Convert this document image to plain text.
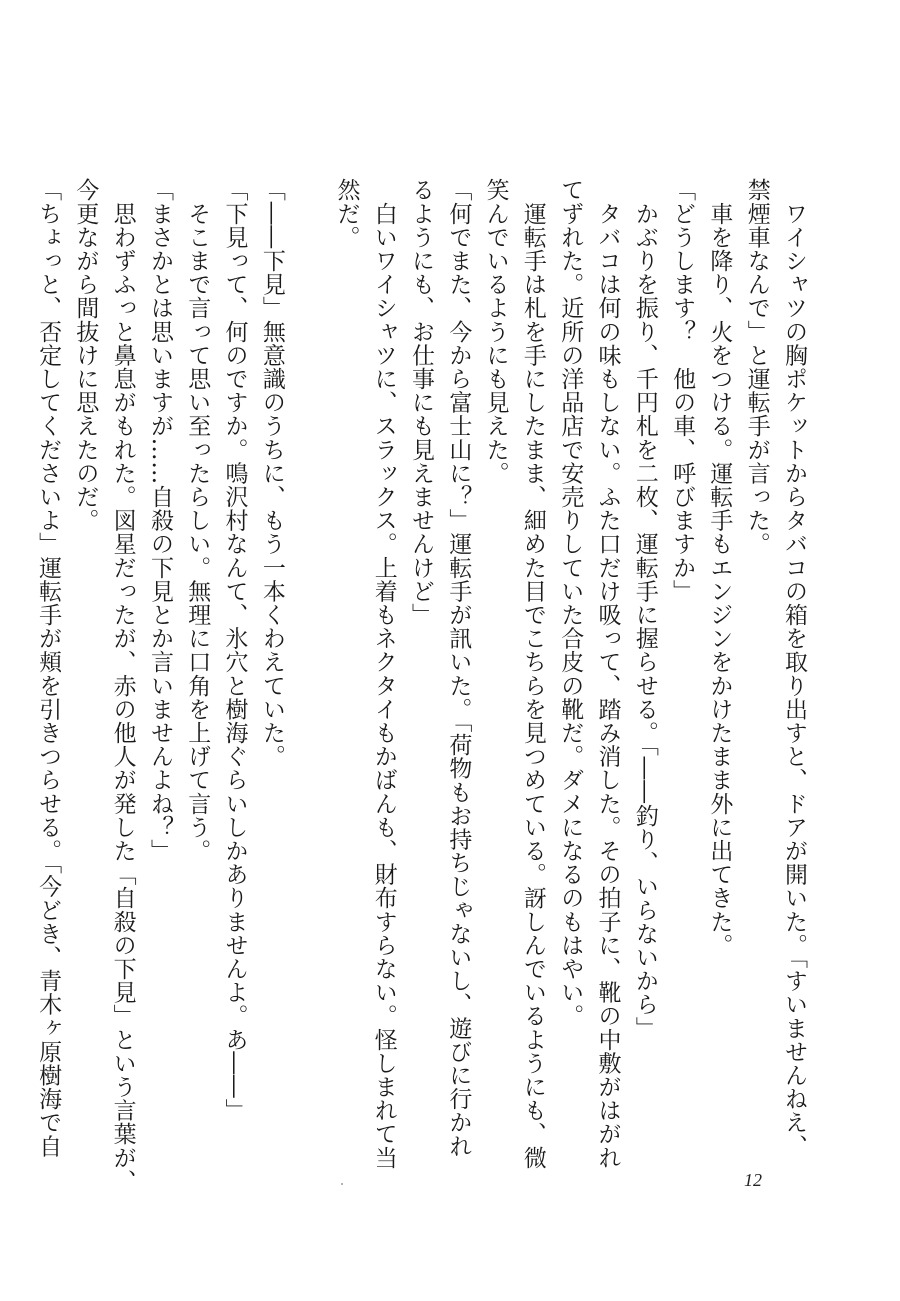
　ワイシャツの胸ポケットからタバコの箱を取り出すと、ドアが開いた。「すいませんねえ、

禁煙車なんで」と運転手が言った。

　車を降り、火をつける。運転手もエンジンをかけたまま外に出てきた。

「どうします？　他の車、呼びますか」

　かぶりを振り、千円札を二枚、運転手に握らせる。「――釣り、いらないから」

　タバコは何の味もしない。ふた口だけ吸って、踏み消した。その拍子に、靴の中敷がはがれ

てずれた。近所の洋品店で安売りしていた合皮の靴だ。ダメになるのもはやい。

　運転手は札を手にしたまま、細めた目でこちらを見つめている。訝しんでいるようにも、微

笑んでいるようにも見えた。

「何でまた、今から富士山に？」運転手が訊いた。「荷物もお持ちじゃないし、遊びに行かれ

るようにも、お仕事にも見えませんけど」

　白いワイシャツに、スラックス。上着もネクタイもかばんも、財布すらない。怪しまれて当

然だ。

「――下見」無意識のうちに、もう一本くわえていた。

「下見って、何のですか。鳴沢村なんて、氷穴と樹海ぐらいしかありませんよ。あ――」

　そこまで言って思い至ったらしい。無理に口角を上げて言う。

「まさかとは思いますが……自殺の下見とか言いませんよね？」

　思わずふっと鼻息がもれた。図星だったが、赤の他人が発した「自殺の下見」という言葉が、

今更ながら間抜けに思えたのだ。

「ちょっと、否定してくださいよ」運転手が頬を引きつらせる。「今どき、青木ヶ原樹海で自

12
